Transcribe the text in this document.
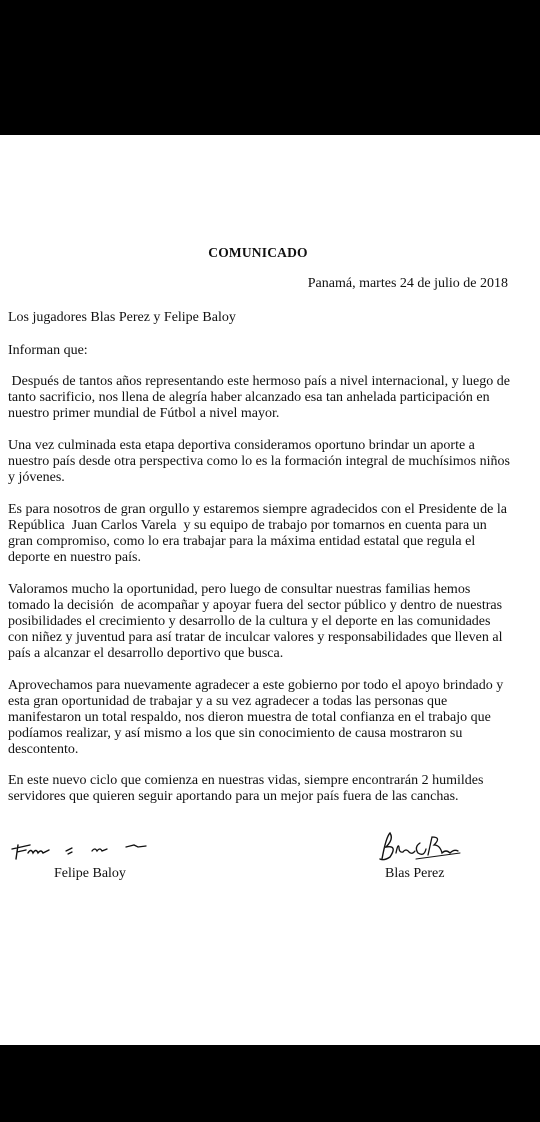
COMUNICADO
Panamá, martes 24 de julio de 2018

Los jugadores Blas Perez y Felipe Baloy

Informan que:

Después de tantos años representando este hermoso país a nivel internacional, y luego de tanto sacrificio, nos llena de alegría haber alcanzado esa tan anhelada participación en nuestro primer mundial de Fútbol a nivel mayor.

Una vez culminada esta etapa deportiva consideramos oportuno brindar un aporte a nuestro país desde otra perspectiva como lo es la formación integral de muchísimos niños y jóvenes.

Es para nosotros de gran orgullo y estaremos siempre agradecidos con el Presidente de la República  Juan Carlos Varela  y su equipo de trabajo por tomarnos en cuenta para un gran compromiso, como lo era trabajar para la máxima entidad estatal que regula el deporte en nuestro país.

Valoramos mucho la oportunidad, pero luego de consultar nuestras familias hemos tomado la decisión  de acompañar y apoyar fuera del sector público y dentro de nuestras posibilidades el crecimiento y desarrollo de la cultura y el deporte en las comunidades con niñez y juventud para así tratar de inculcar valores y responsabilidades que lleven al país a alcanzar el desarrollo deportivo que busca.

Aprovechamos para nuevamente agradecer a este gobierno por todo el apoyo brindado y esta gran oportunidad de trabajar y a su vez agradecer a todas las personas que manifestaron un total respaldo, nos dieron muestra de total confianza en el trabajo que podíamos realizar, y así mismo a los que sin conocimiento de causa mostraron su descontento.

En este nuevo ciclo que comienza en nuestras vidas, siempre encontrarán 2 humildes servidores que quieren seguir aportando para un mejor país fuera de las canchas.

Felipe Baloy	Blas Perez
